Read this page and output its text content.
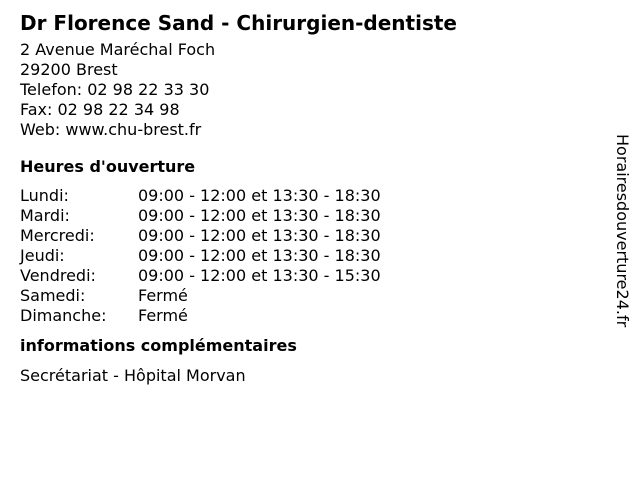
Dr Florence Sand - Chirurgien-dentiste
2 Avenue Maréchal Foch
29200 Brest
Telefon: 02 98 22 33 30
Fax: 02 98 22 34 98
Web: www.chu-brest.fr
Heures d'ouverture
Lundi:	09:00 - 12:00 et 13:30 - 18:30
Mardi:	09:00 - 12:00 et 13:30 - 18:30
Mercredi:	09:00 - 12:00 et 13:30 - 18:30
Jeudi:	09:00 - 12:00 et 13:30 - 18:30
Vendredi:	09:00 - 12:00 et 13:30 - 15:30
Samedi:	Fermé
Dimanche:	Fermé
informations complémentaires
Secrétariat - Hôpital Morvan
Horairesdouverture24.fr
